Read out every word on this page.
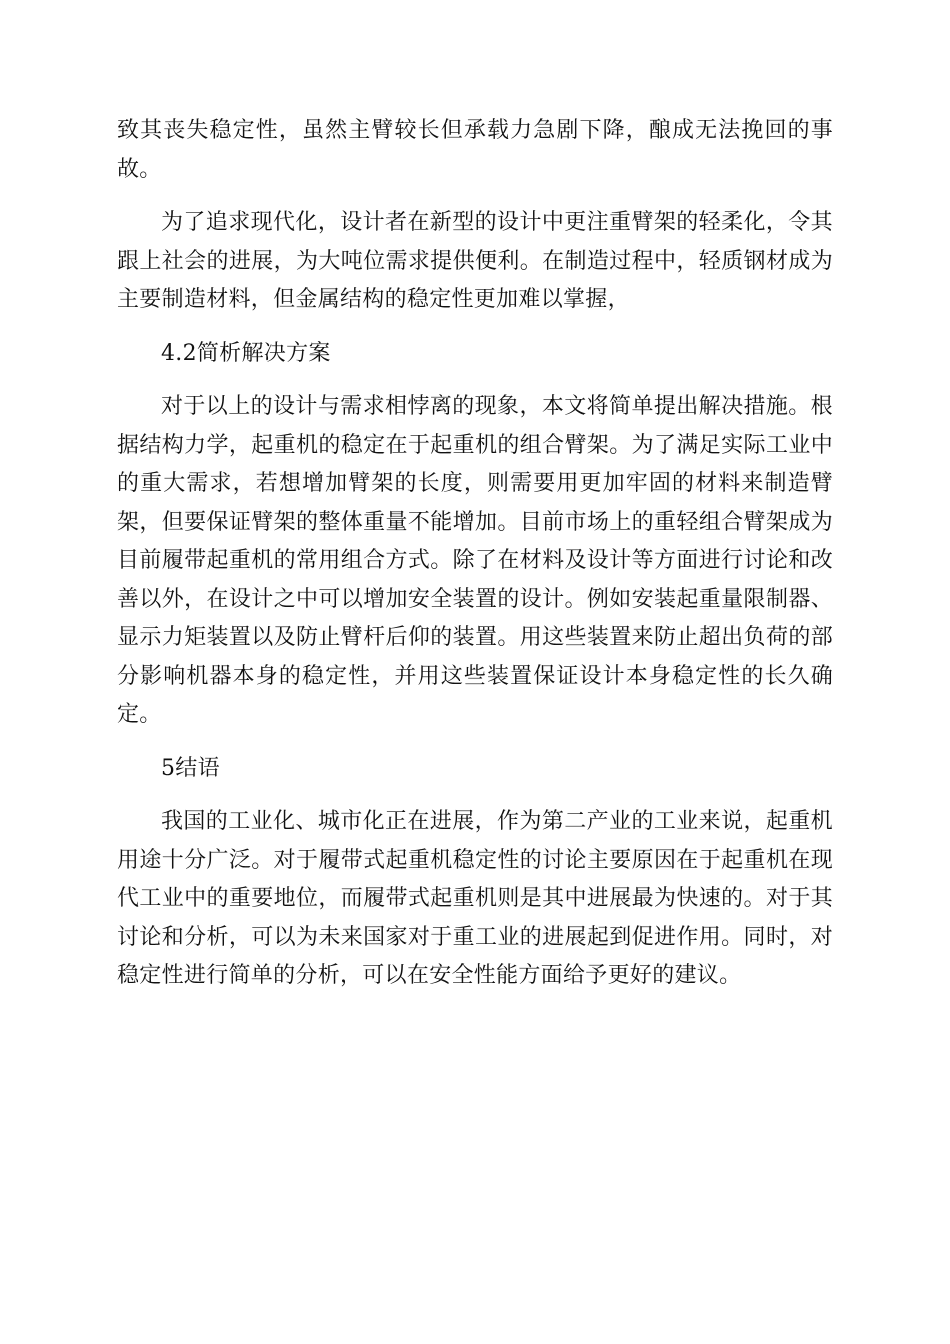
致其丧失稳定性，虽然主臂较长但承载力急剧下降，酿成无法挽回的事故。

为了追求现代化，设计者在新型的设计中更注重臂架的轻柔化，令其跟上社会的进展，为大吨位需求提供便利。在制造过程中，轻质钢材成为主要制造材料，但金属结构的稳定性更加难以掌握，

4.2简析解决方案

对于以上的设计与需求相悖离的现象，本文将简单提出解决措施。根据结构力学，起重机的稳定在于起重机的组合臂架。为了满足实际工业中的重大需求，若想增加臂架的长度，则需要用更加牢固的材料来制造臂架，但要保证臂架的整体重量不能增加。目前市场上的重轻组合臂架成为目前履带起重机的常用组合方式。除了在材料及设计等方面进行讨论和改善以外，在设计之中可以增加安全装置的设计。例如安装起重量限制器、显示力矩装置以及防止臂杆后仰的装置。用这些装置来防止超出负荷的部分影响机器本身的稳定性，并用这些装置保证设计本身稳定性的长久确定。

5结语

我国的工业化、城市化正在进展，作为第二产业的工业来说，起重机用途十分广泛。对于履带式起重机稳定性的讨论主要原因在于起重机在现代工业中的重要地位，而履带式起重机则是其中进展最为快速的。对于其讨论和分析，可以为未来国家对于重工业的进展起到促进作用。同时，对稳定性进行简单的分析，可以在安全性能方面给予更好的建议。
